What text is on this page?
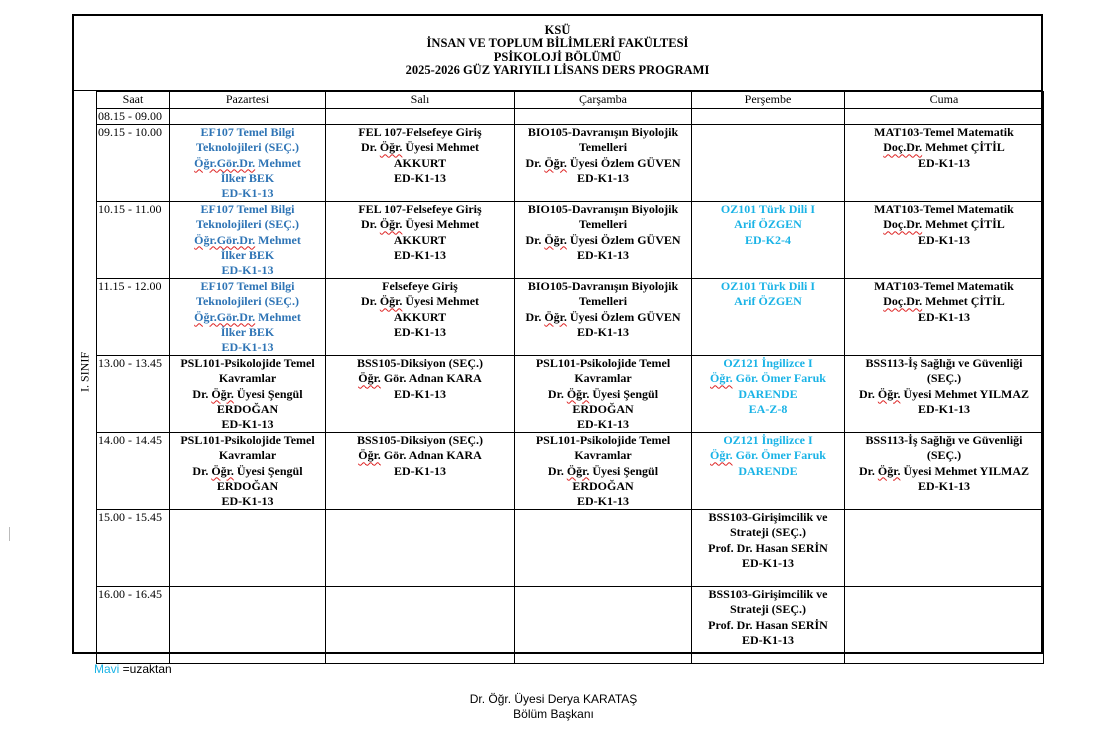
KSÜ
İNSAN VE TOPLUM BİLİMLERİ FAKÜLTESİ
PSİKOLOJİ BÖLÜMÜ
2025-2026 GÜZ YARIYILI LİSANS DERS PROGRAMI
I. SINIF
Saat	Pazartesi	Salı	Çarşamba	Perşembe	Cuma
08.15 - 09.00					
09.15 - 10.00	EF107 Temel Bilgi
Teknolojileri (SEÇ.)
Öğr.Gör.Dr. Mehmet
İlker BEK
ED-K1-13	FEL 107-Felsefeye Giriş
Dr. Öğr. Üyesi Mehmet
AKKURT
ED-K1-13	BIO105-Davranışın Biyolojik
Temelleri
Dr. Öğr. Üyesi Özlem GÜVEN
ED-K1-13		MAT103-Temel Matematik
Doç.Dr. Mehmet ÇİTİL
ED-K1-13

10.15 - 11.00	EF107 Temel Bilgi
Teknolojileri (SEÇ.)
Öğr.Gör.Dr. Mehmet
İlker BEK
ED-K1-13	FEL 107-Felsefeye Giriş
Dr. Öğr. Üyesi Mehmet
AKKURT
ED-K1-13	BIO105-Davranışın Biyolojik
Temelleri
Dr. Öğr. Üyesi Özlem GÜVEN
ED-K1-13	OZ101 Türk Dili I
Arif ÖZGEN
ED-K2-4	MAT103-Temel Matematik
Doç.Dr. Mehmet ÇİTİL
ED-K1-13

11.15 - 12.00	EF107 Temel Bilgi
Teknolojileri (SEÇ.)
Öğr.Gör.Dr. Mehmet
İlker BEK
ED-K1-13	Felsefeye Giriş
Dr. Öğr. Üyesi Mehmet
AKKURT
ED-K1-13	BIO105-Davranışın Biyolojik
Temelleri
Dr. Öğr. Üyesi Özlem GÜVEN
ED-K1-13	OZ101 Türk Dili I
Arif ÖZGEN	MAT103-Temel Matematik
Doç.Dr. Mehmet ÇİTİL
ED-K1-13

13.00 - 13.45	PSL101-Psikolojide Temel
Kavramlar
Dr. Öğr. Üyesi Şengül
ERDOĞAN
ED-K1-13	BSS105-Diksiyon (SEÇ.)
Öğr. Gör. Adnan KARA
ED-K1-13	PSL101-Psikolojide Temel
Kavramlar
Dr. Öğr. Üyesi Şengül
ERDOĞAN
ED-K1-13	OZ121 İngilizce I
Öğr. Gör. Ömer Faruk
DARENDE
EA-Z-8	BSS113-İş Sağlığı ve Güvenliği
(SEÇ.)
Dr. Öğr. Üyesi Mehmet YILMAZ
ED-K1-13

14.00 - 14.45	PSL101-Psikolojide Temel
Kavramlar
Dr. Öğr. Üyesi Şengül
ERDOĞAN
ED-K1-13	BSS105-Diksiyon (SEÇ.)
Öğr. Gör. Adnan KARA
ED-K1-13	PSL101-Psikolojide Temel
Kavramlar
Dr. Öğr. Üyesi Şengül
ERDOĞAN
ED-K1-13	OZ121 İngilizce I
Öğr. Gör. Ömer Faruk
DARENDE	BSS113-İş Sağlığı ve Güvenliği
(SEÇ.)
Dr. Öğr. Üyesi Mehmet YILMAZ
ED-K1-13

15.00 - 15.45				BSS103-Girişimcilik ve
Strateji (SEÇ.)
Prof. Dr. Hasan SERİN
ED-K1-13	

16.00 - 16.45				BSS103-Girişimcilik ve
Strateji (SEÇ.)
Prof. Dr. Hasan SERİN
ED-K1-13	

Mavi =uzaktan
Dr. Öğr. Üyesi Derya KARATAŞ
Bölüm Başkanı
